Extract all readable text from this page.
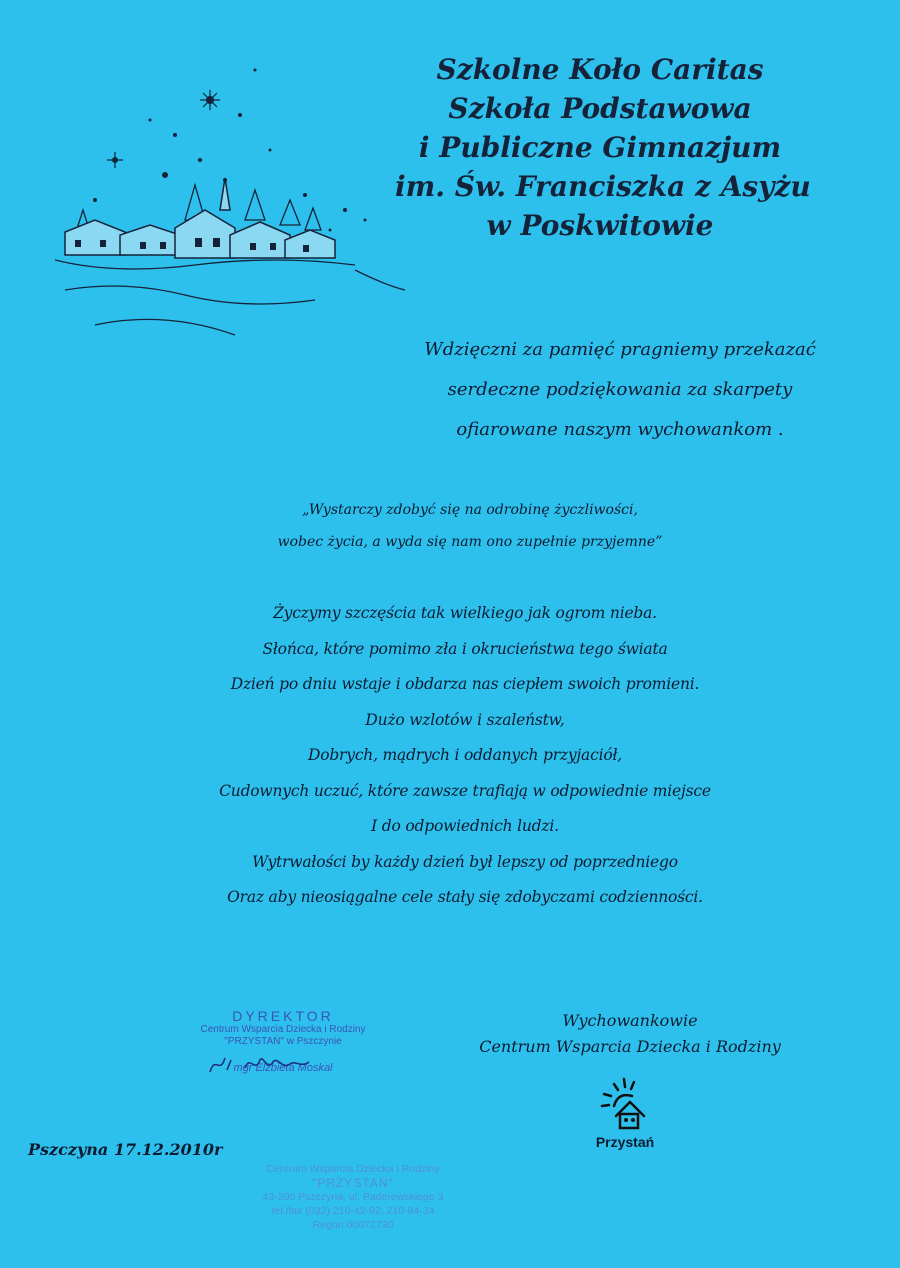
Szkolne Koło Caritas
Szkoła Podstawowa
i Publiczne Gimnazjum
im. Św. Franciszka z Asyżu
w Poskwitowie
Wdzięczni za pamięć pragniemy przekazać
serdeczne podziękowania za skarpety
ofiarowane naszym wychowankom .
„Wystarczy zdobyć się na odrobinę życzliwości,
wobec życia, a wyda się nam ono zupełnie przyjemne”
Życzymy szczęścia tak wielkiego jak ogrom nieba.
Słońca, które pomimo zła i okrucieństwa tego świata
Dzień po dniu wstaje i obdarza nas ciepłem swoich promieni.
Dużo wzlotów i szaleństw,
Dobrych, mądrych i oddanych przyjaciół,
Cudownych uczuć, które zawsze trafiają w odpowiednie miejsce
I do odpowiednich ludzi.
Wytrwałości by każdy dzień był lepszy od poprzedniego
Oraz aby nieosiągalne cele stały się zdobyczami codzienności.
DYREKTOR
Centrum Wsparcia Dziecka i Rodziny
"PRZYSTAŃ" w Pszczynie
mgr Elżbieta Moskal
Wychowankowie
Centrum Wsparcia Dziecka i Rodziny
Przystań
Pszczyna 17.12.2010r
Centrum Wsparcia Dziecka i Rodziny
"PRZYSTAŃ"
43-200 Pszczyna, ul. Paderewskiego 3
tel./fax (032) 210-42-92, 210-84-34
Regon 00072730
